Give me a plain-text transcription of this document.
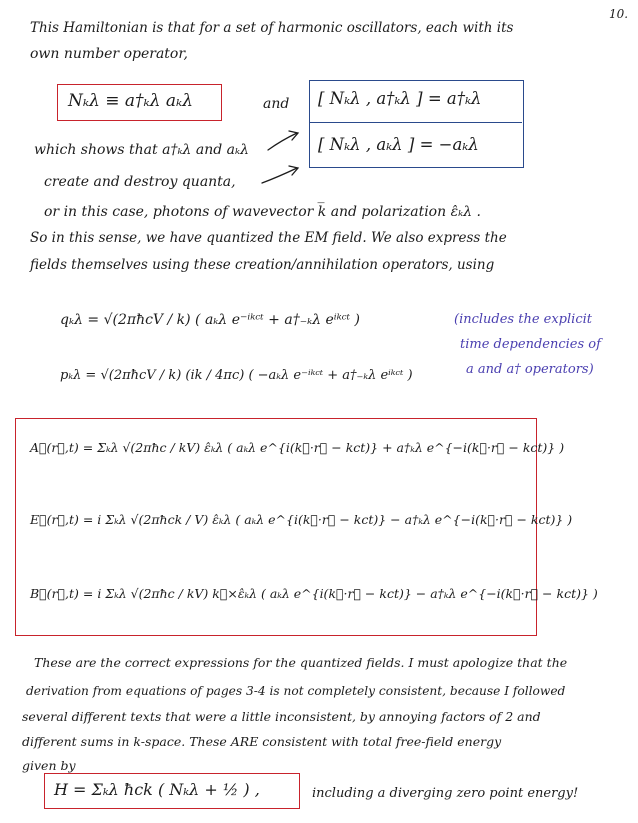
10.
This Hamiltonian is that for a set of harmonic oscillators, each with its
own number operator,
Nₖλ ≡ a†ₖλ aₖλ	and [ Nₖλ , a†ₖλ ] = a†ₖλ
[ Nₖλ , aₖλ ] = −aₖλ
which shows that a†ₖλ and aₖλ
create and destroy quanta,
or in this case, photons of wavevector k̅ and polarization ε̂ₖλ .
So in this sense, we have quantized the EM field. We also express the
fields themselves using these creation/annihilation operators, using
qₖλ = √(2πħcV / k) ( aₖλ e⁻ⁱᵏᶜᵗ + a†₋ₖλ eⁱᵏᶜᵗ )
pₖλ = √(2πħcV / k) (ik / 4πc) ( −aₖλ e⁻ⁱᵏᶜᵗ + a†₋ₖλ eⁱᵏᶜᵗ )
(includes the explicit
time dependencies of
a and a† operators)
A⃗(r⃗,t) = Σₖλ √(2πħc / kV) ε̂ₖλ ( aₖλ e^{i(k⃗·r⃗ − kct)} + a†ₖλ e^{−i(k⃗·r⃗ − kct)} )
E⃗(r⃗,t) = i Σₖλ √(2πħck / V) ε̂ₖλ ( aₖλ e^{i(k⃗·r⃗ − kct)} − a†ₖλ e^{−i(k⃗·r⃗ − kct)} )
B⃗(r⃗,t) = i Σₖλ √(2πħc / kV) k⃗×ε̂ₖλ ( aₖλ e^{i(k⃗·r⃗ − kct)} − a†ₖλ e^{−i(k⃗·r⃗ − kct)} )
These are the correct expressions for the quantized fields. I must apologize that the
derivation from equations of pages 3-4 is not completely consistent, because I followed
several different texts that were a little inconsistent, by annoying factors of 2 and
different sums in k-space. These ARE consistent with total free-field energy
given by
H = Σₖλ ħck ( Nₖλ + ½ ) ,	including a diverging zero point energy!
